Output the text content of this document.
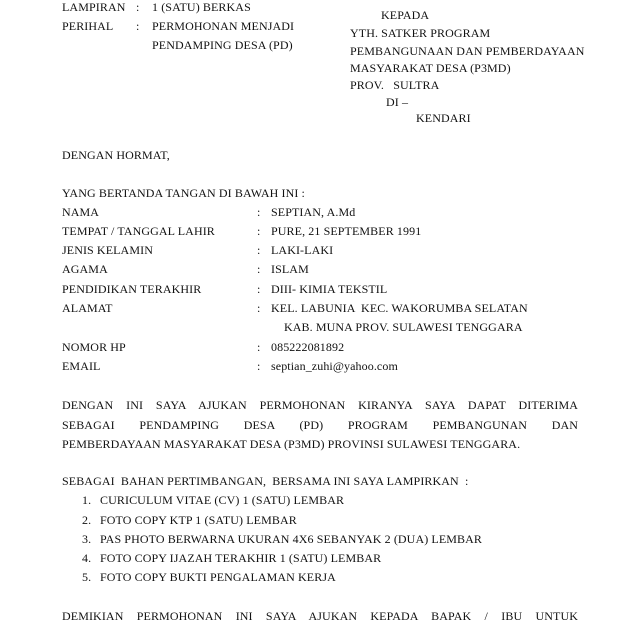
LAMPIRAN : 1 (SATU) BERKAS
PERIHAL : PERMOHONAN MENJADI
PENDAMPING DESA (PD)
KEPADA
YTH. SATKER PROGRAM
PEMBANGUNAAN DAN PEMBERDAYAAN
MASYARAKAT DESA (P3MD)
PROV.   SULTRA
DI –
KENDARI
DENGAN HORMAT,
YANG BERTANDA TANGAN DI BAWAH INI :
NAMA	: SEPTIAN, A.Md
TEMPAT / TANGGAL LAHIR	: PURE, 21 SEPTEMBER 1991
JENIS KELAMIN	: LAKI-LAKI
AGAMA	: ISLAM
PENDIDIKAN TERAKHIR	: DIII- KIMIA TEKSTIL
ALAMAT	: KEL. LABUNIA  KEC. WAKORUMBA SELATAN
KAB. MUNA PROV. SULAWESI TENGGARA
NOMOR HP	: 085222081892
EMAIL	: septian_zuhi@yahoo.com
DENGAN INI SAYA AJUKAN PERMOHONAN KIRANYA SAYA DAPAT DITERIMA
SEBAGAI PENDAMPING DESA (PD) PROGRAM PEMBANGUNAN DAN
PEMBERDAYAAN MASYARAKAT DESA (P3MD) PROVINSI SULAWESI TENGGARA.
SEBAGAI  BAHAN PERTIMBANGAN,  BERSAMA INI SAYA LAMPIRKAN  :
1. CURICULUM VITAE (CV) 1 (SATU) LEMBAR
2. FOTO COPY KTP 1 (SATU) LEMBAR
3. PAS PHOTO BERWARNA UKURAN 4X6 SEBANYAK 2 (DUA) LEMBAR
4. FOTO COPY IJAZAH TERAKHIR 1 (SATU) LEMBAR
5. FOTO COPY BUKTI PENGALAMAN KERJA
DEMIKIAN PERMOHONAN INI SAYA AJUKAN KEPADA BAPAK / IBU UNTUK
